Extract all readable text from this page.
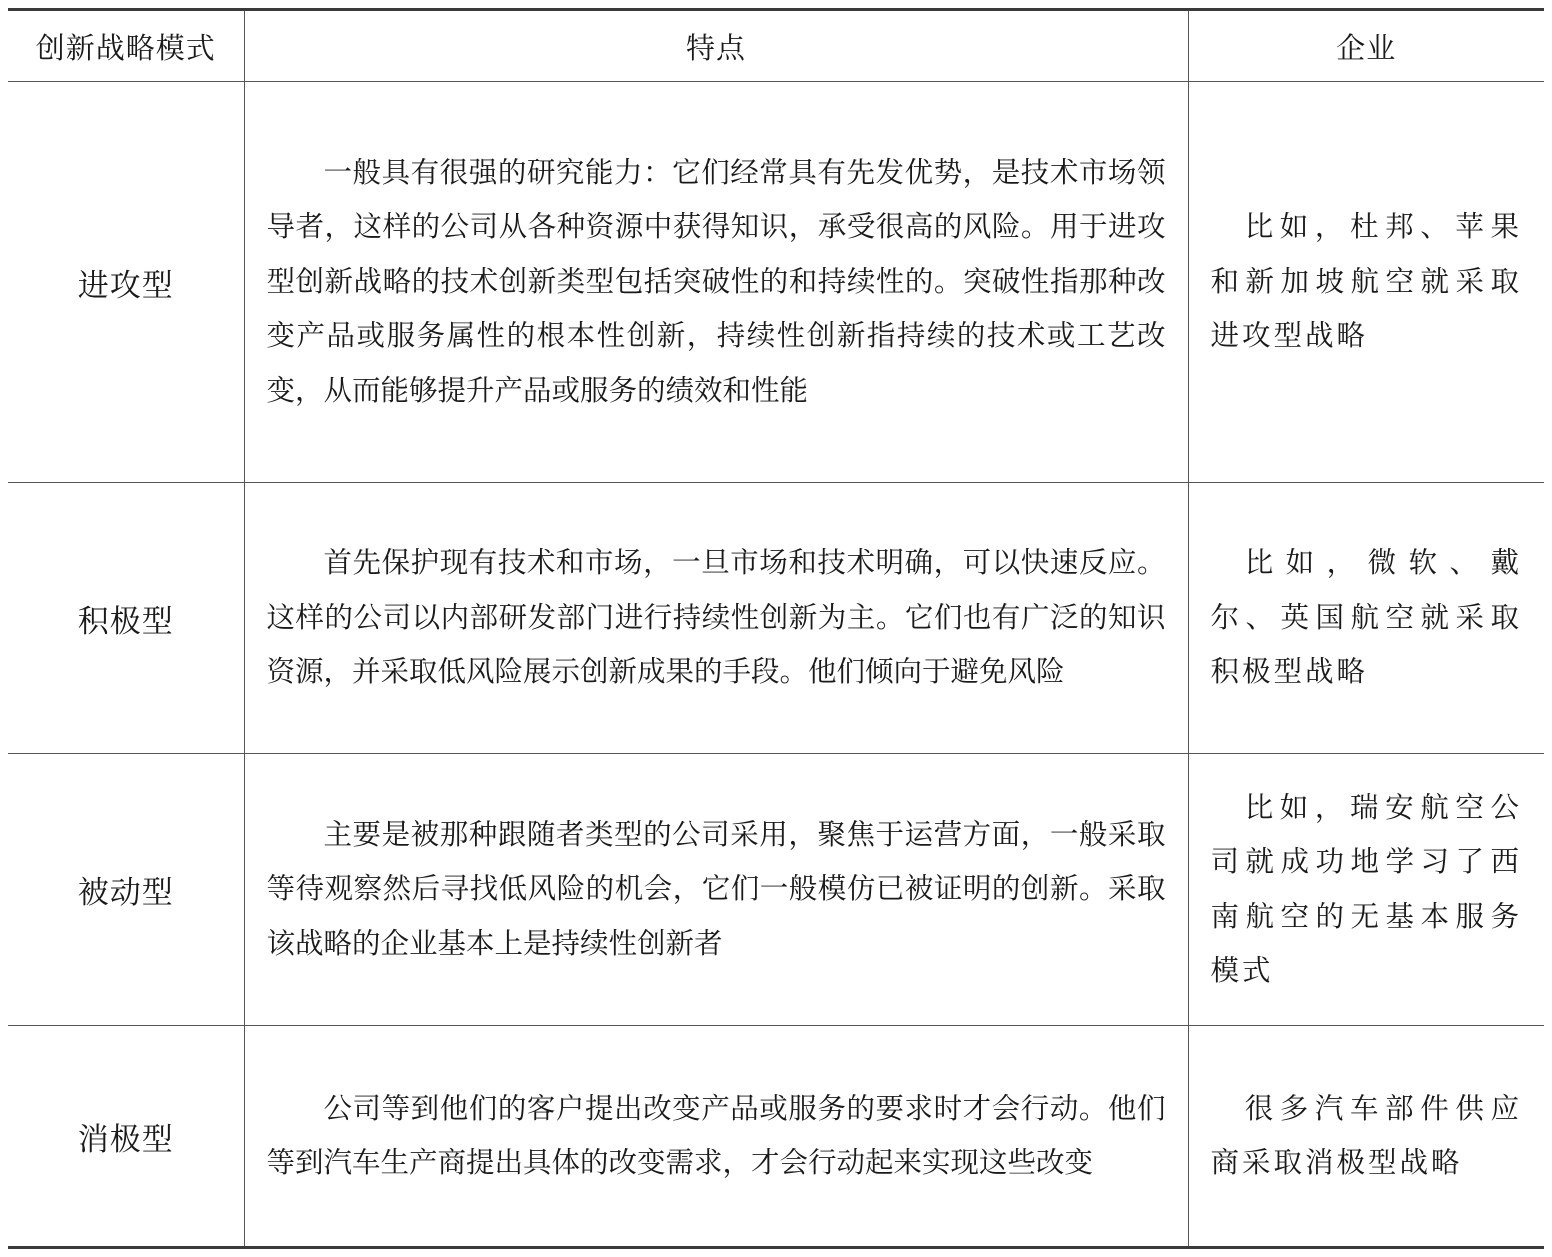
创新战略模式	特点	企业
进攻型	一般具有很强的研究能力：它们经常具有先发优势，是技术市场领导者，这样的公司从各种资源中获得知识，承受很高的风险。用于进攻型创新战略的技术创新类型包括突破性的和持续性的。突破性指那种改变产品或服务属性的根本性创新，持续性创新指持续的技术或工艺改变，从而能够提升产品或服务的绩效和性能	比如，杜邦、苹果和新加坡航空就采取进攻型战略
积极型	首先保护现有技术和市场，一旦市场和技术明确，可以快速反应。这样的公司以内部研发部门进行持续性创新为主。它们也有广泛的知识资源，并采取低风险展示创新成果的手段。他们倾向于避免风险	比如，微软、戴尔、英国航空就采取积极型战略
被动型	主要是被那种跟随者类型的公司采用，聚焦于运营方面，一般采取等待观察然后寻找低风险的机会，它们一般模仿已被证明的创新。采取该战略的企业基本上是持续性创新者	比如，瑞安航空公司就成功地学习了西南航空的无基本服务模式
消极型	公司等到他们的客户提出改变产品或服务的要求时才会行动。他们等到汽车生产商提出具体的改变需求，才会行动起来实现这些改变	很多汽车部件供应商采取消极型战略
